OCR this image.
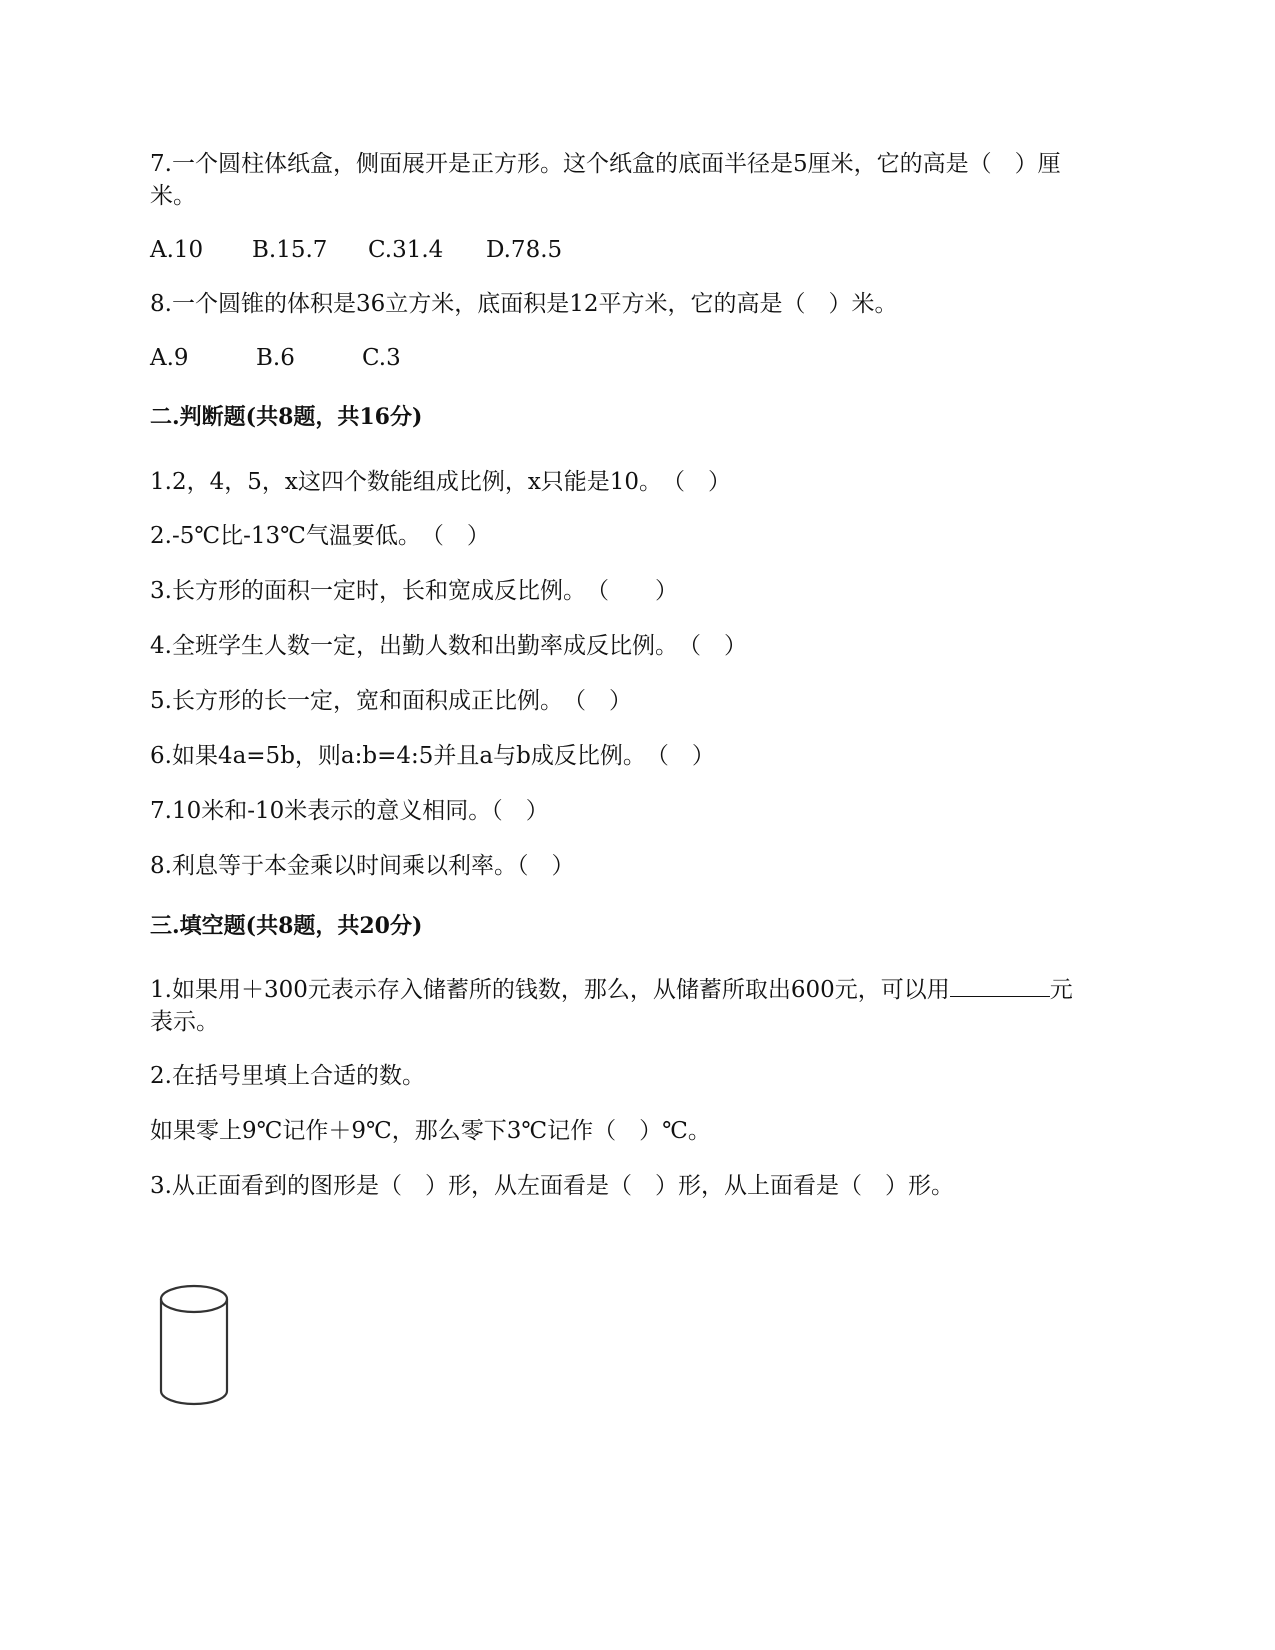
7.一个圆柱体纸盒，侧面展开是正方形。这个纸盒的底面半径是5厘米，它的高是（　）厘

米。

A.10	B.15.7	C.31.4	D.78.5

8.一个圆锥的体积是36立方米，底面积是12平方米，它的高是（　）米。

A.9	B.6	C.3
二.判断题(共8题，共16分)

1.2，4，5，x这四个数能组成比例，x只能是10。　（　）

2.-5℃比-13℃气温要低。　（　）

3.长方形的面积一定时，长和宽成反比例。　（　　）

4.全班学生人数一定，出勤人数和出勤率成反比例。　（　）

5.长方形的长一定，宽和面积成正比例。　（　）

6.如果4a=5b，则a:b=4:5并且a与b成反比例。　（　）

7.10米和-10米表示的意义相同。（　）

8.利息等于本金乘以时间乘以利率。（　）

三.填空题(共8题，共20分)

1.如果用＋300元表示存入储蓄所的钱数，那么，从储蓄所取出600元，可以用	元

表示。

2.在括号里填上合适的数。

如果零上9℃记作＋9℃，那么零下3℃记作（　）℃。

3.从正面看到的图形是（　）形，从左面看是（　）形，从上面看是（　）形。
